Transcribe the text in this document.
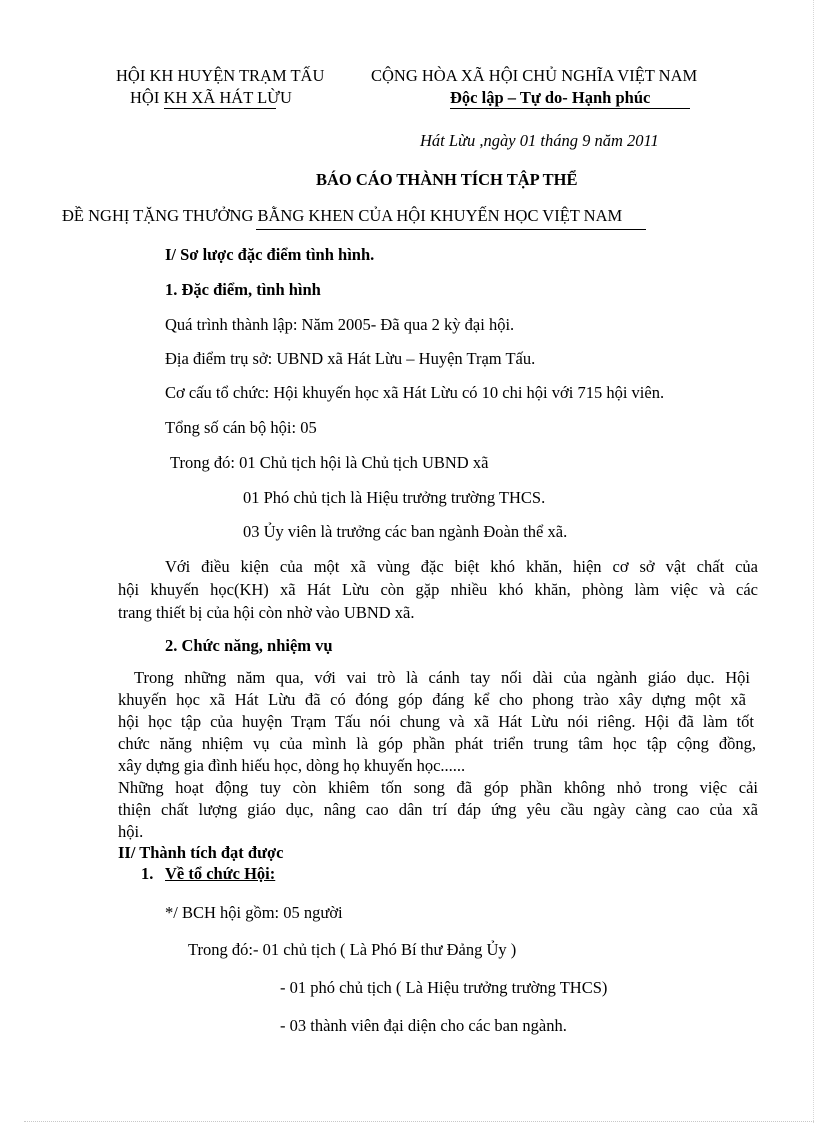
HỘI KH HUYỆN TRẠM TẤU
HỘI KH XÃ HÁT LỪU
CỘNG HÒA XÃ HỘI CHỦ NGHĨA VIỆT NAM
Độc lập – Tự do- Hạnh phúc
Hát Lừu ,ngày 01 tháng 9 năm 2011
BÁO CÁO THÀNH TÍCH TẬP THỂ
ĐỀ NGHỊ TẶNG THƯỞNG BẰNG KHEN CỦA HỘI KHUYẾN HỌC VIỆT NAM
I/ Sơ lược đặc điểm tình hình.
1. Đặc điểm, tình hình
Quá trình thành lập: Năm 2005- Đã qua 2 kỳ đại hội.
Địa điểm trụ sở: UBND xã Hát Lừu – Huyện Trạm Tấu.
Cơ cấu tổ chức: Hội khuyến học xã Hát Lừu có 10 chi hội với 715 hội viên.
Tổng số cán bộ hội: 05
Trong đó: 01 Chủ tịch hội là Chủ tịch UBND xã
01 Phó chủ tịch là Hiệu trưởng trường THCS.
03 Ủy viên là trưởng các ban ngành Đoàn thể xã.
Với điều kiện của một xã vùng đặc biệt khó khăn, hiện cơ sở vật chất của
hội khuyến học(KH) xã Hát Lừu còn gặp nhiều khó khăn, phòng làm việc và các
trang thiết bị của hội còn nhờ vào UBND xã.
2. Chức năng, nhiệm vụ
Trong những năm qua, với vai trò là cánh tay nối dài của ngành giáo dục. Hội
khuyến học xã Hát Lừu đã có đóng góp đáng kể cho phong trào xây dựng một xã
hội học tập của huyện Trạm Tấu nói chung và xã Hát Lừu nói riêng. Hội đã làm tốt
chức năng nhiệm vụ của mình là góp phần phát triển trung tâm học tập cộng đồng,
xây dựng gia đình hiếu học, dòng họ khuyến học......
Những hoạt động tuy còn khiêm tốn song đã góp phần không nhỏ trong việc cải
thiện chất lượng giáo dục, nâng cao dân trí đáp ứng yêu cầu ngày càng cao của xã
hội.
II/ Thành tích đạt được
1. Về tổ chức Hội:
*/ BCH hội gồm: 05 người
Trong đó:- 01 chủ tịch ( Là Phó Bí thư Đảng Ủy )
- 01 phó chủ tịch ( Là Hiệu trưởng trường THCS)
- 03 thành viên đại diện cho các ban ngành.
